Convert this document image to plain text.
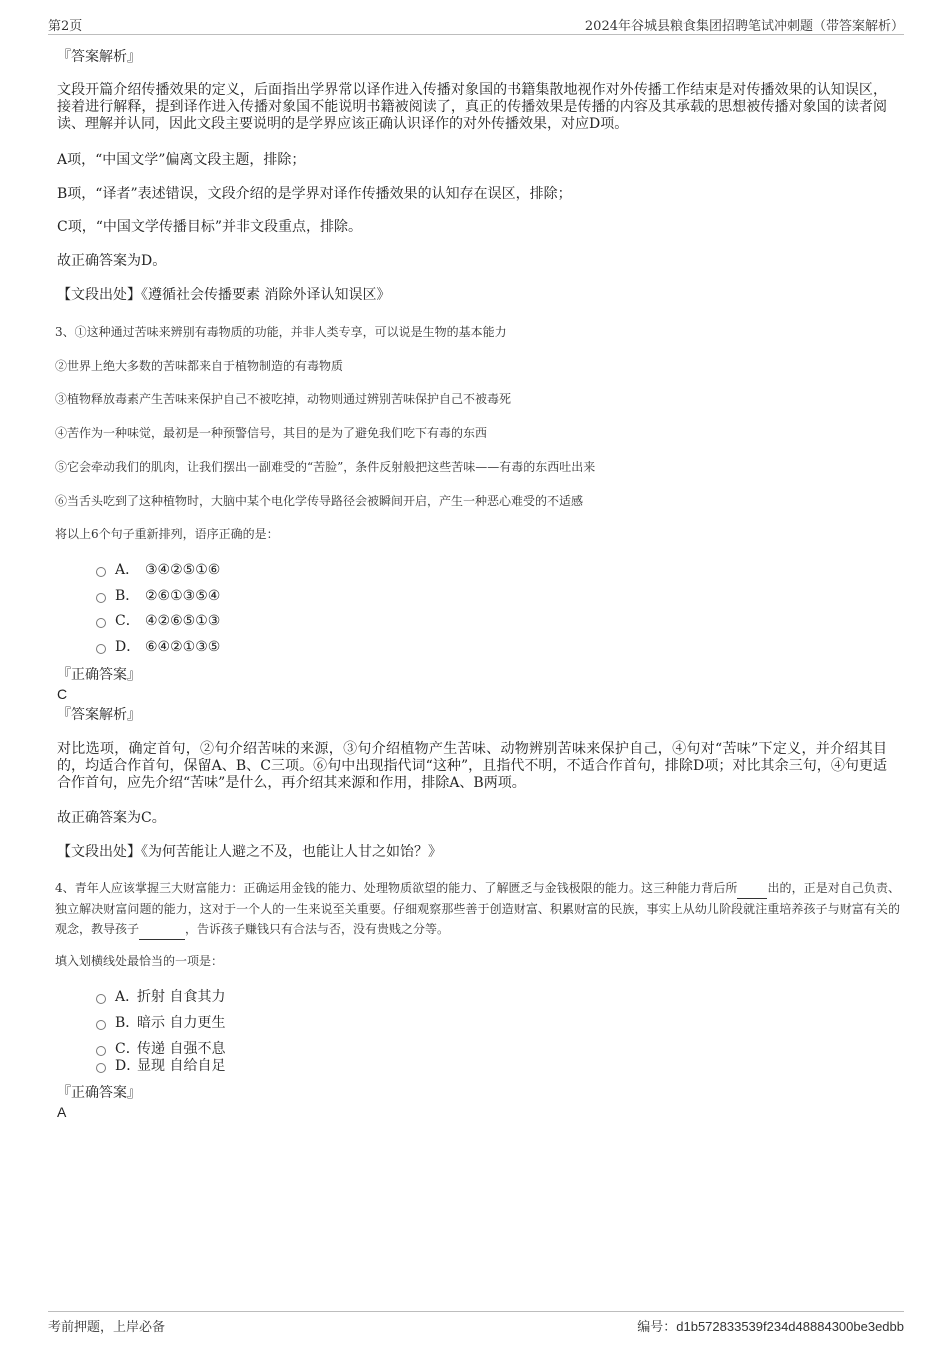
第2页	2024年谷城县粮食集团招聘笔试冲刺题（带答案解析）
『答案解析』
文段开篇介绍传播效果的定义，后面指出学界常以译作进入传播对象国的书籍集散地视作对外传播工作结束是对传播效果的认知误区，接着进行解释，提到译作进入传播对象国不能说明书籍被阅读了，真正的传播效果是传播的内容及其承载的思想被传播对象国的读者阅读、理解并认同，因此文段主要说明的是学界应该正确认识译作的对外传播效果，对应D项。
A项，“中国文学”偏离文段主题，排除；
B项，“译者”表述错误，文段介绍的是学界对译作传播效果的认知存在误区，排除；
C项，“中国文学传播目标”并非文段重点，排除。
故正确答案为D。
【文段出处】《遵循社会传播要素 消除外译认知误区》
3、①这种通过苦味来辨别有毒物质的功能，并非人类专享，可以说是生物的基本能力
②世界上绝大多数的苦味都来自于植物制造的有毒物质
③植物释放毒素产生苦味来保护自己不被吃掉，动物则通过辨别苦味保护自己不被毒死
④苦作为一种味觉，最初是一种预警信号，其目的是为了避免我们吃下有毒的东西
⑤它会牵动我们的肌肉，让我们摆出一副难受的“苦脸”，条件反射般把这些苦味——有毒的东西吐出来
⑥当舌头吃到了这种植物时，大脑中某个电化学传导路径会被瞬间开启，产生一种恶心难受的不适感
将以上6个句子重新排列，语序正确的是：
A． ③④②⑤①⑥
B． ②⑥①③⑤④
C． ④②⑥⑤①③
D． ⑥④②①③⑤
『正确答案』
C
『答案解析』
对比选项，确定首句，②句介绍苦味的来源，③句介绍植物产生苦味、动物辨别苦味来保护自己，④句对“苦味”下定义，并介绍其目的，均适合作首句，保留A、B、C三项。⑥句中出现指代词“这种”，且指代不明，不适合作首句，排除D项；对比其余三句，④句更适合作首句，应先介绍“苦味”是什么，再介绍其来源和作用，排除A、B两项。
故正确答案为C。
【文段出处】《为何苦能让人避之不及，也能让人甘之如饴？》
4、青年人应该掌握三大财富能力：正确运用金钱的能力、处理物质欲望的能力、了解匮乏与金钱极限的能力。这三种能力背后所	出的，正是对自己负责、独立解决财富问题的能力，这对于一个人的一生来说至关重要。仔细观察那些善于创造财富、积累财富的民族，事实上从幼儿阶段就注重培养孩子与财富有关的观念，教导孩子	，告诉孩子赚钱只有合法与否，没有贵贱之分等。
填入划横线处最恰当的一项是：
A．
折射 自食其力
B．
暗示 自力更生
C．
传递 自强不息
D．
显现 自给自足
『正确答案』
A
考前押题，上岸必备	编号：d1b572833539f234d48884300be3edbb
